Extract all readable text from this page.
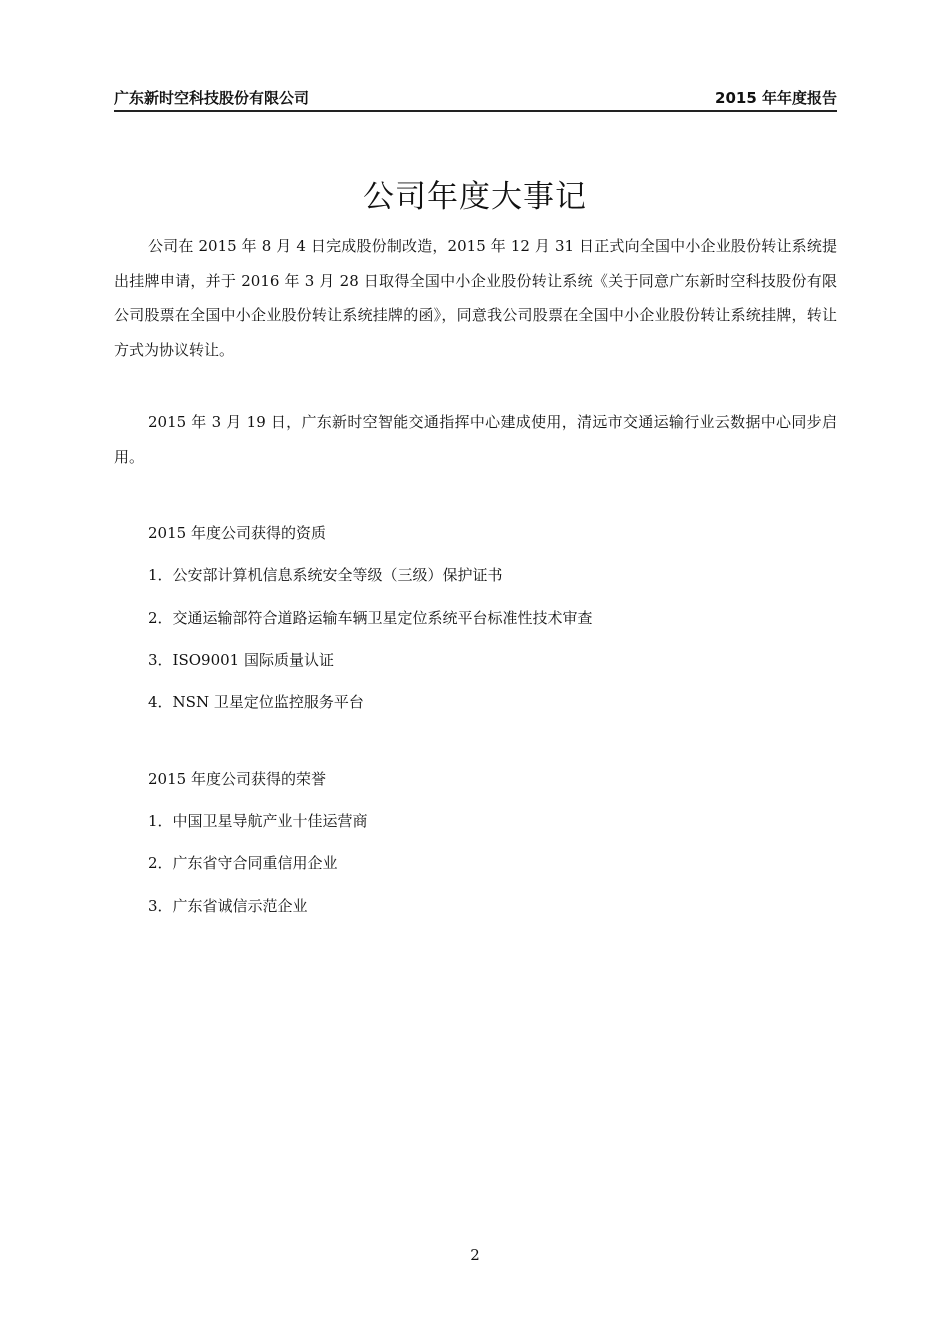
广东新时空科技股份有限公司	2015 年年度报告
公司年度大事记

公司在 2015 年 8 月 4 日完成股份制改造，2015 年 12 月 31 日正式向全国中小企业股份转让系统提出挂牌申请，并于 2016 年 3 月 28 日取得全国中小企业股份转让系统《关于同意广东新时空科技股份有限公司股票在全国中小企业股份转让系统挂牌的函》，同意我公司股票在全国中小企业股份转让系统挂牌，转让方式为协议转让。

2015 年 3 月 19 日，广东新时空智能交通指挥中心建成使用，清远市交通运输行业云数据中心同步启用。

2015 年度公司获得的资质
1．公安部计算机信息系统安全等级（三级）保护证书
2．交通运输部符合道路运输车辆卫星定位系统平台标准性技术审查
3．ISO9001 国际质量认证
4．NSN 卫星定位监控服务平台
2015 年度公司获得的荣誉
1．中国卫星导航产业十佳运营商
2．广东省守合同重信用企业
3．广东省诚信示范企业
2
